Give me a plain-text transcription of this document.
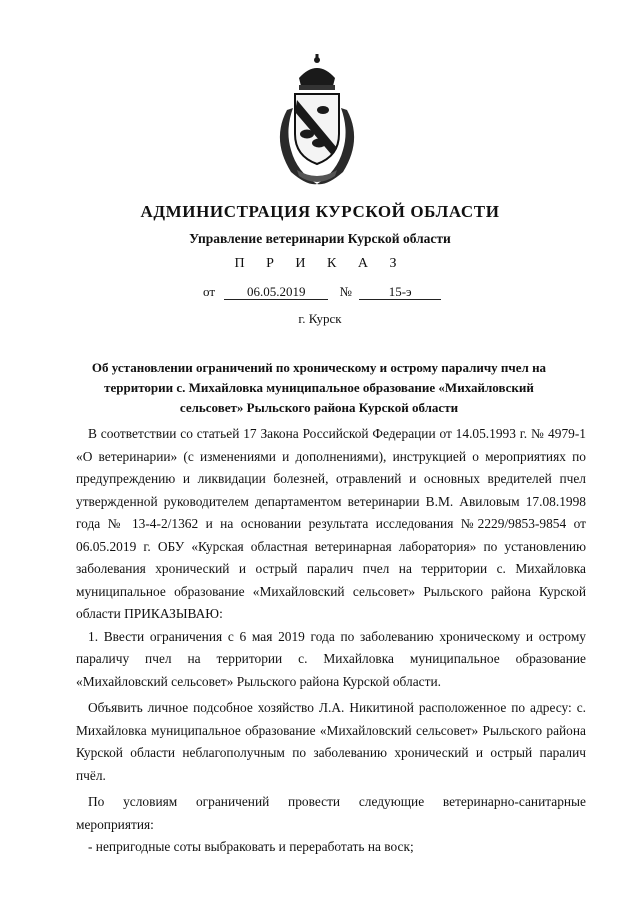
АДМИНИСТРАЦИЯ КУРСКОЙ ОБЛАСТИ
Управление ветеринарии Курской области
П Р И К А З
от 06.05.2019	№	15-э
г. Курск
Об установлении ограничений по хроническому и острому параличу пчел на территории с. Михайловка муниципальное образование «Михайловский сельсовет» Рыльского района Курской области

В соответствии со статьей 17 Закона Российской Федерации от 14.05.1993 г. № 4979-1 «О ветеринарии» (с изменениями и дополнениями), инструкцией о мероприятиях по предупреждению и ликвидации болезней, отравлений и основных вредителей пчел утвержденной руководителем департаментом ветеринарии В.М. Авиловым 17.08.1998 года № 13-4-2/1362 и на основании результата исследования №2229/9853-9854 от 06.05.2019 г. ОБУ «Курская областная ветеринарная лаборатория» по установлению заболевания хронический и острый паралич пчел на территории с. Михайловка муниципальное образование «Михайловский сельсовет» Рыльского района Курской области ПРИКАЗЫВАЮ:

1. Ввести ограничения с 6 мая 2019 года по заболеванию хроническому и острому параличу пчел на территории с. Михайловка муниципальное образование «Михайловский сельсовет» Рыльского района Курской области.

Объявить личное подсобное хозяйство Л.А. Никитиной расположенное по адресу: с. Михайловка муниципальное образование «Михайловский сельсовет» Рыльского района Курской области неблагополучным по заболеванию хронический и острый паралич пчёл.

По условиям ограничений провести следующие ветеринарно-санитарные мероприятия:

- непригодные соты выбраковать и переработать на воск;
